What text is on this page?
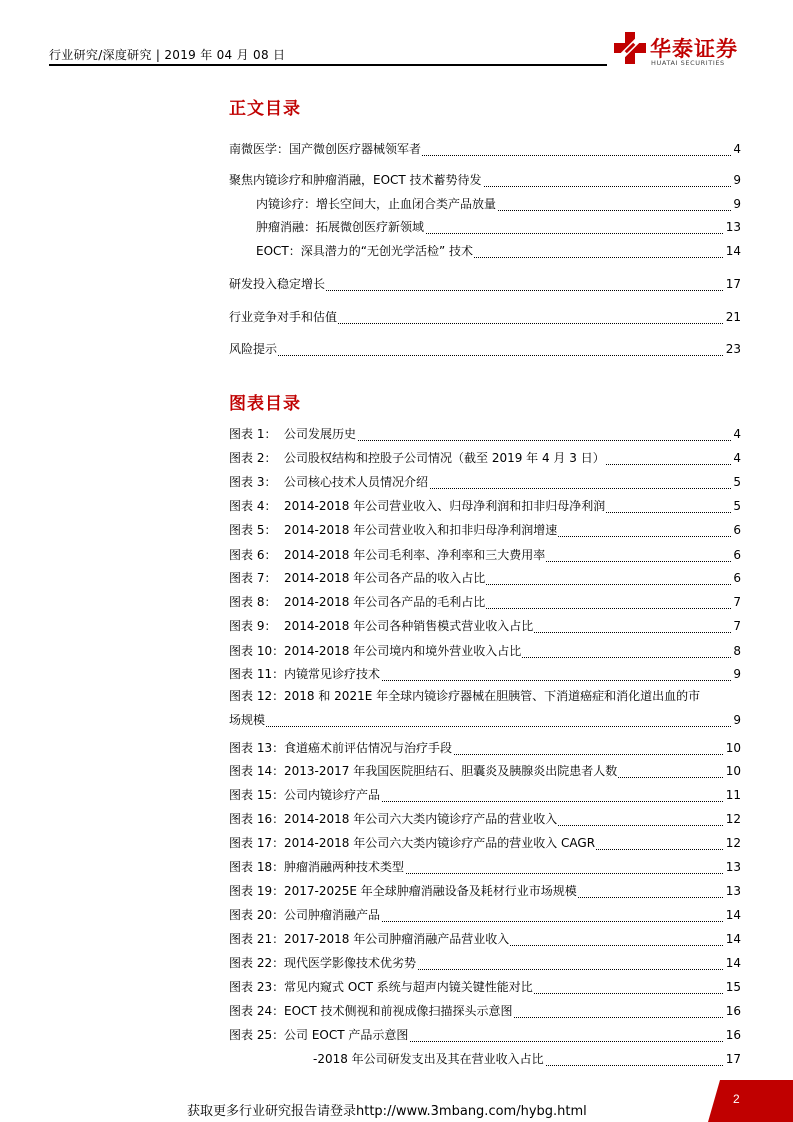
行业研究/深度研究 | 2019 年 04 月 08 日	华泰证券
HUATAI SECURITIES
正文目录
南微医学：国产微创医疗器械领军者	4
聚焦内镜诊疗和肿瘤消融，EOCT 技术蓄势待发	9
内镜诊疗：增长空间大，止血闭合类产品放量	9
肿瘤消融：拓展微创医疗新领域	13
EOCT：深具潜力的“无创光学活检” 技术	14
研发投入稳定增长	17
行业竞争对手和估值	21
风险提示	23
图表目录
图表 1： 公司发展历史	4
图表 2： 公司股权结构和控股子公司情况（截至 2019 年 4 月 3 日）	4
图表 3： 公司核心技术人员情况介绍	5
图表 4： 2014-2018 年公司营业收入、归母净利润和扣非归母净利润	5
图表 5： 2014-2018 年公司营业收入和扣非归母净利润增速	6
图表 6： 2014-2018 年公司毛利率、净利率和三大费用率	6
图表 7： 2014-2018 年公司各产品的收入占比	6
图表 8： 2014-2018 年公司各产品的毛利占比	7
图表 9： 2014-2018 年公司各种销售模式营业收入占比	7
图表 10：2014-2018 年公司境内和境外营业收入占比	8
图表 11：内镜常见诊疗技术	9
图表 12：2018 和 2021E 年全球内镜诊疗器械在胆胰管、下消道癌症和消化道出血的市
场规模	9
图表 13：食道癌术前评估情况与治疗手段	10
图表 14：2013-2017 年我国医院胆结石、胆囊炎及胰腺炎出院患者人数	10
图表 15：公司内镜诊疗产品	11
图表 16：2014-2018 年公司六大类内镜诊疗产品的营业收入	12
图表 17：2014-2018 年公司六大类内镜诊疗产品的营业收入 CAGR	12
图表 18：肿瘤消融两种技术类型	13
图表 19：2017-2025E 年全球肿瘤消融设备及耗材行业市场规模	13
图表 20：公司肿瘤消融产品	14
图表 21：2017-2018 年公司肿瘤消融产品营业收入	14
图表 22：现代医学影像技术优劣势	14
图表 23：常见内窥式 OCT 系统与超声内镜关键性能对比	15
图表 24：EOCT 技术侧视和前视成像扫描探头示意图	16
图表 25：公司 EOCT 产品示意图	16
-2018 年公司研发支出及其在营业收入占比	17
获取更多行业研究报告请登录http://www.3mbang.com/hybg.html
2
